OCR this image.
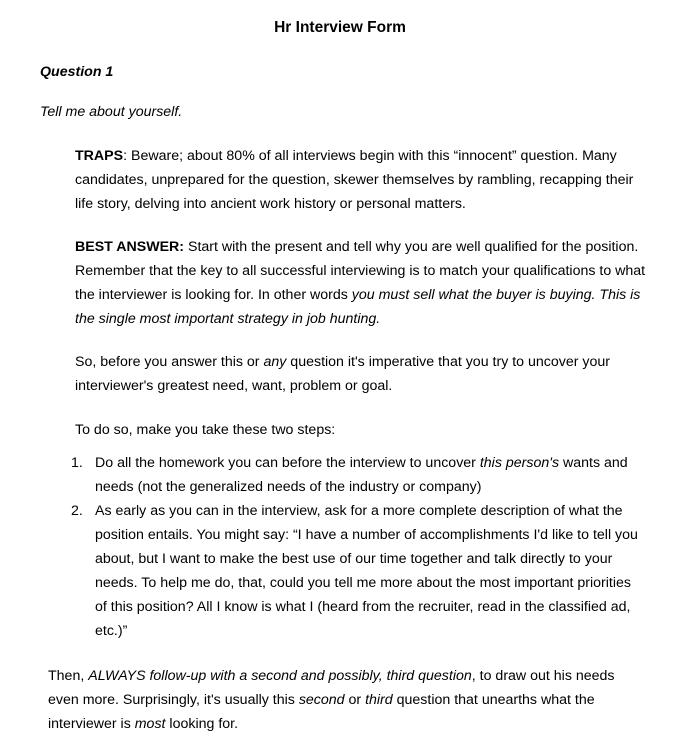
Hr Interview Form
Question 1
Tell me about yourself.
TRAPS: Beware; about 80% of all interviews begin with this “innocent” question. Many candidates, unprepared for the question, skewer themselves by rambling, recapping their life story, delving into ancient work history or personal matters.
BEST ANSWER: Start with the present and tell why you are well qualified for the position. Remember that the key to all successful interviewing is to match your qualifications to what the interviewer is looking for. In other words you must sell what the buyer is buying. This is the single most important strategy in job hunting.
So, before you answer this or any question it's imperative that you try to uncover your interviewer's greatest need, want, problem or goal.
To do so, make you take these two steps:
1. Do all the homework you can before the interview to uncover this person's wants and needs (not the generalized needs of the industry or company)
2. As early as you can in the interview, ask for a more complete description of what the position entails. You might say: “I have a number of accomplishments I'd like to tell you about, but I want to make the best use of our time together and talk directly to your needs. To help me do, that, could you tell me more about the most important priorities of this position? All I know is what I (heard from the recruiter, read in the classified ad, etc.)”
Then, ALWAYS follow-up with a second and possibly, third question, to draw out his needs even more. Surprisingly, it's usually this second or third question that unearths what the interviewer is most looking for.
